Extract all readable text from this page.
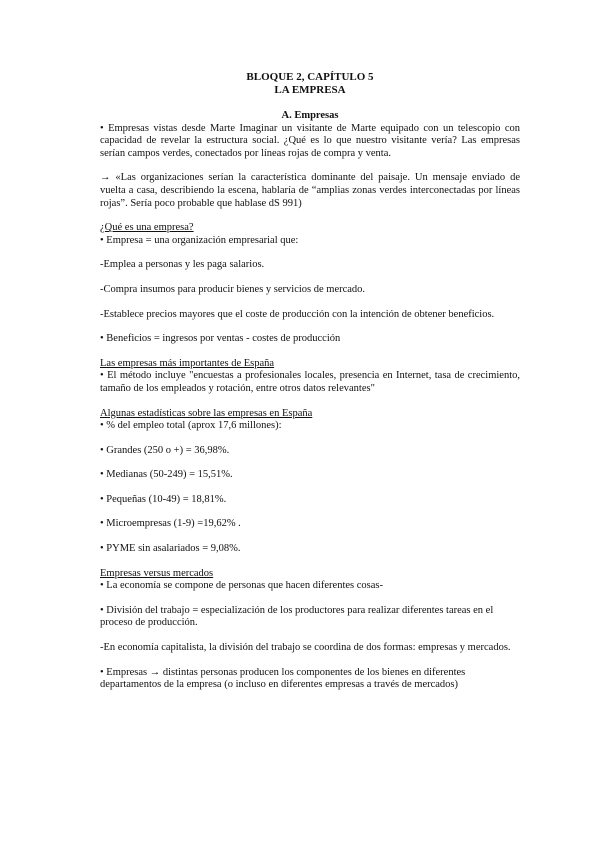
BLOQUE 2, CAPÍTULO 5
LA EMPRESA
A. Empresas

• Empresas vistas desde Marte Imaginar un visitante de Marte equipado con un telescopio con capacidad de revelar la estructura social. ¿Qué es lo que nuestro visitante vería? Las empresas serían campos verdes, conectados por líneas rojas de compra y venta.

→ «Las organizaciones serían la característica dominante del paisaje. Un mensaje enviado de vuelta a casa, describiendo la escena, hablaría de “amplias zonas verdes interconectadas por líneas rojas”. Sería poco probable que hablase dS 991)

¿Qué es una empresa?

• Empresa = una organización empresarial que:

-Emplea a personas y les paga salarios.

-Compra insumos para producir bienes y servicios de mercado.

-Establece precios mayores que el coste de producción con la intención de obtener beneficios.

• Beneficios = ingresos por ventas - costes de producción

Las empresas más importantes de España

• El método incluye "encuestas a profesionales locales, presencia en Internet, tasa de crecimiento, tamaño de los empleados y rotación, entre otros datos relevantes"

Algunas estadísticas sobre las empresas en España

• % del empleo total (aprox 17,6 millones):

• Grandes (250 o +) = 36,98%.

• Medianas (50-249) = 15,51%.

• Pequeñas (10-49) = 18,81%.

• Microempresas (1-9) =19,62% .

• PYME sin asalariados = 9,08%.

Empresas versus mercados

• La economía se compone de personas que hacen diferentes cosas-

• División del trabajo = especialización de los productores para realizar diferentes tareas en el proceso de producción.

-En economía capitalista, la división del trabajo se coordina de dos formas: empresas y mercados.

• Empresas → distintas personas producen los componentes de los bienes en diferentes departamentos de la empresa (o incluso en diferentes empresas a través de mercados)
